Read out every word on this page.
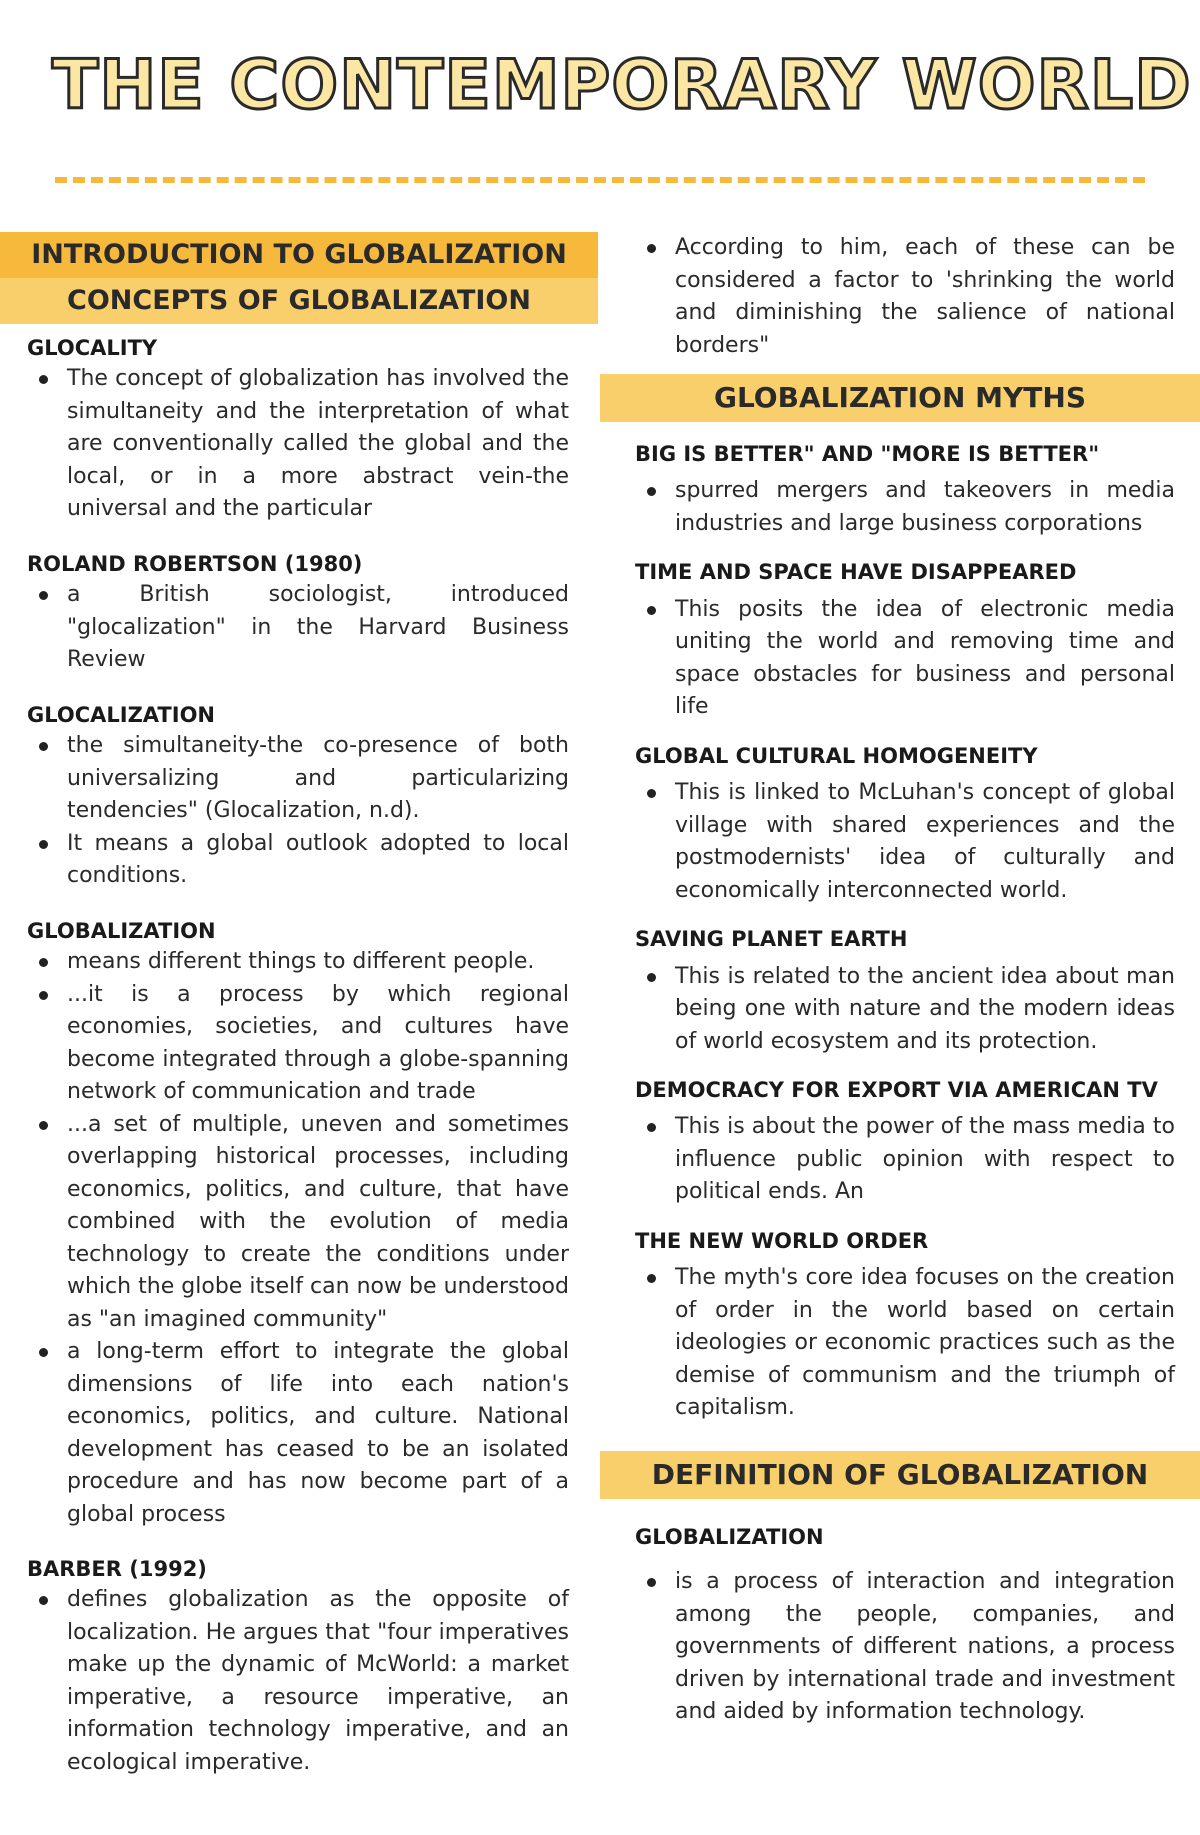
THE CONTEMPORARY WORLD
INTRODUCTION TO GLOBALIZATION
CONCEPTS OF GLOBALIZATION

GLOCALITY

The concept of globalization has involved the simultaneity and the interpretation of what are conventionally called the global and the local, or in a more abstract vein-the universal and the particular

ROLAND ROBERTSON (1980)

a British sociologist, introduced "glocalization" in the Harvard Business Review

GLOCALIZATION

the simultaneity-the co-presence of both universalizing and particularizing tendencies" (Glocalization, n.d).
It means a global outlook adopted to local conditions.

GLOBALIZATION

means different things to different people.
...it is a process by which regional economies, societies, and cultures have become integrated through a globe-spanning network of communication and trade
...a set of multiple, uneven and sometimes overlapping historical processes, including economics, politics, and culture, that have combined with the evolution of media technology to create the conditions under which the globe itself can now be understood as "an imagined community"
a long-term effort to integrate the global dimensions of life into each nation's economics, politics, and culture. National development has ceased to be an isolated procedure and has now become part of a global process

BARBER (1992)

defines globalization as the opposite of localization. He argues that "four imperatives make up the dynamic of McWorld: a market imperative, a resource imperative, an information technology imperative, and an ecological imperative.
According to him, each of these can be considered a factor to 'shrinking the world and diminishing the salience of national borders"
GLOBALIZATION MYTHS

BIG IS BETTER" AND "MORE IS BETTER"

spurred mergers and takeovers in media industries and large business corporations

TIME AND SPACE HAVE DISAPPEARED

This posits the idea of electronic media uniting the world and removing time and space obstacles for business and personal life

GLOBAL CULTURAL HOMOGENEITY

This is linked to McLuhan's concept of global village with shared experiences and the postmodernists' idea of culturally and economically interconnected world.

SAVING PLANET EARTH

This is related to the ancient idea about man being one with nature and the modern ideas of world ecosystem and its protection.

DEMOCRACY FOR EXPORT VIA AMERICAN TV

This is about the power of the mass media to influence public opinion with respect to political ends. An

THE NEW WORLD ORDER

The myth's core idea focuses on the creation of order in the world based on certain ideologies or economic practices such as the demise of communism and the triumph of capitalism.
DEFINITION OF GLOBALIZATION

GLOBALIZATION

is a process of interaction and integration among the people, companies, and governments of different nations, a process driven by international trade and investment and aided by information technology.
